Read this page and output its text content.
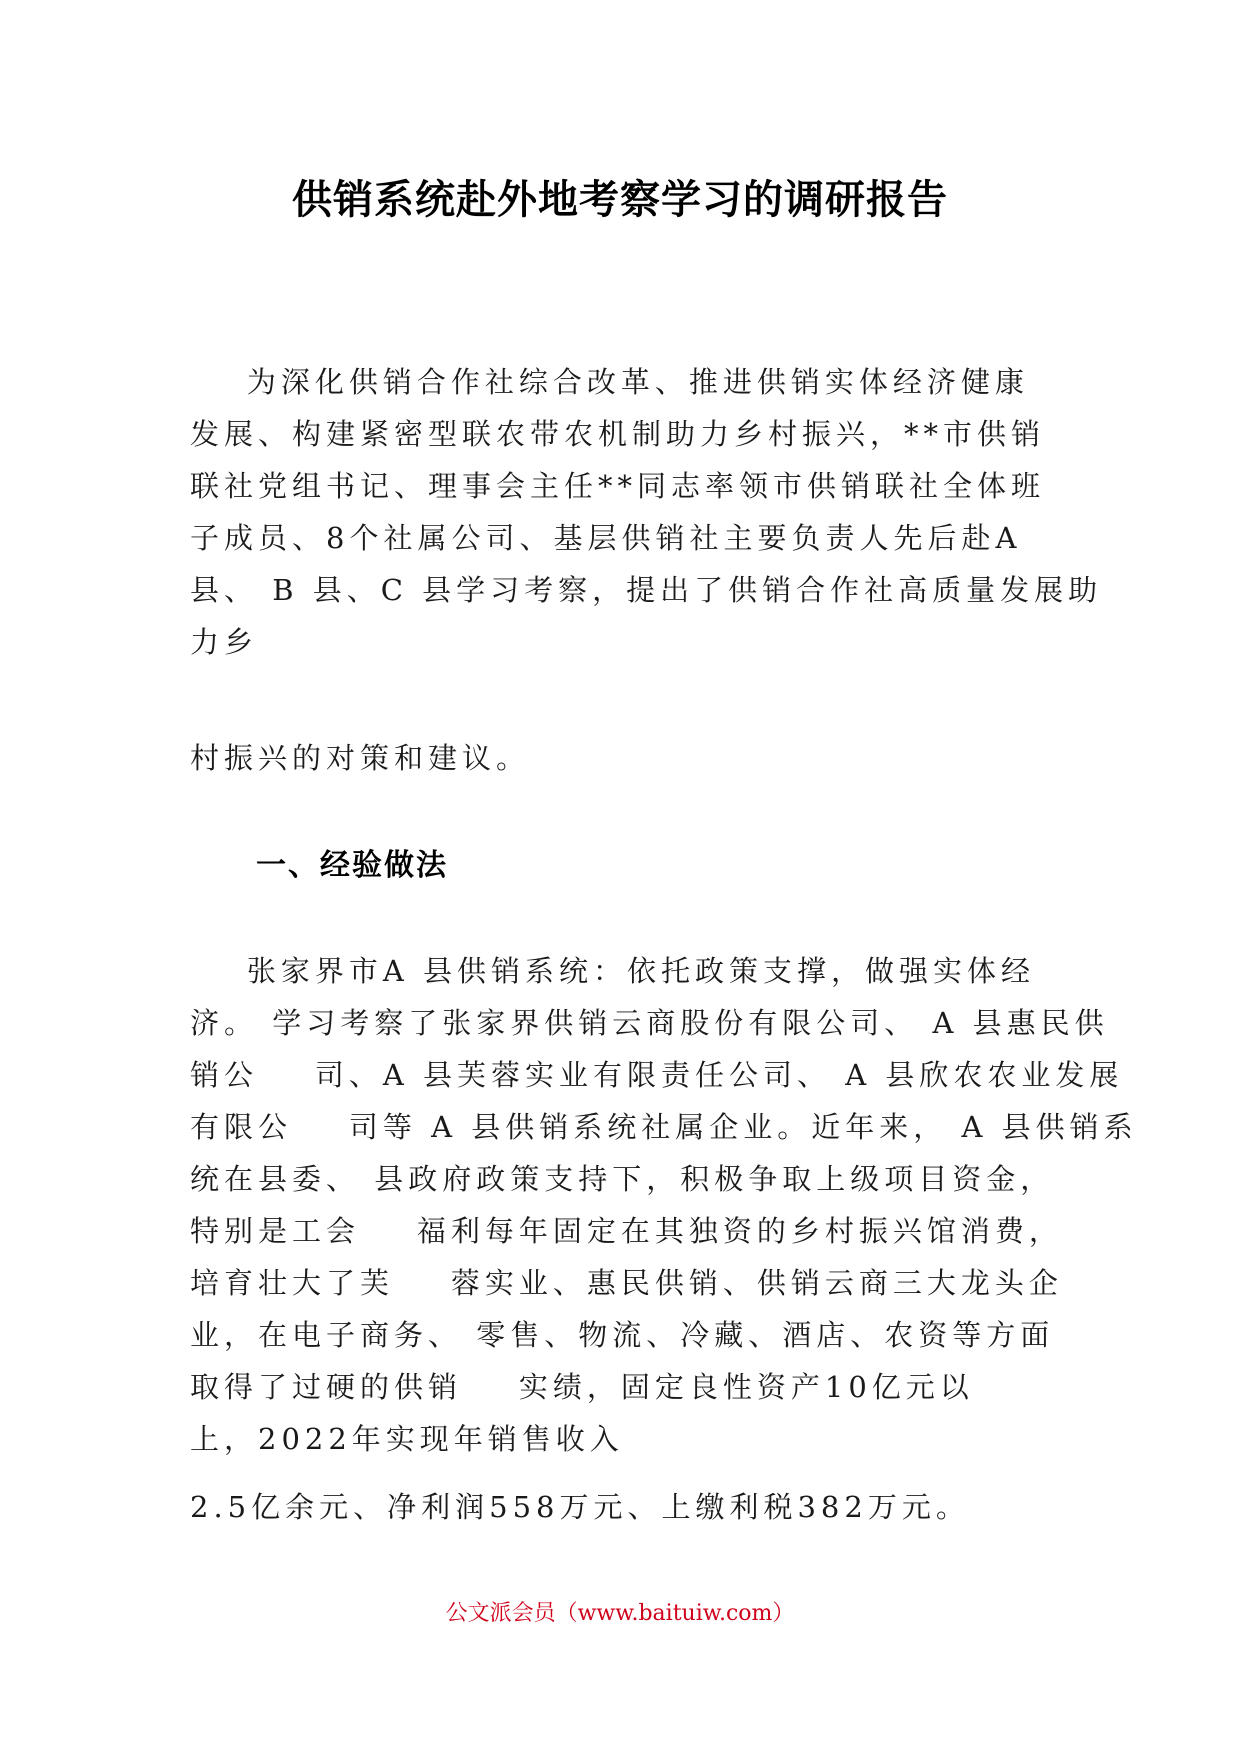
供销系统赴外地考察学习的调研报告
为深化供销合作社综合改革、推进供销实体经济健康
发展、构建紧密型联农带农机制助力乡村振兴，**市供销
联社党组书记、理事会主任**同志率领市供销联社全体班
子成员、8个社属公司、基层供销社主要负责人先后赴A
县、 B 县、C 县学习考察，提出了供销合作社高质量发展助
力乡
村振兴的对策和建议。
一、经验做法
张家界市A 县供销系统：依托政策支撑，做强实体经
济。 学习考察了张家界供销云商股份有限公司、 A 县惠民供
销公    司、A 县芙蓉实业有限责任公司、 A 县欣农农业发展
有限公    司等 A 县供销系统社属企业。近年来， A 县供销系
统在县委、 县政府政策支持下，积极争取上级项目资金，
特别是工会    福利每年固定在其独资的乡村振兴馆消费，
培育壮大了芙    蓉实业、惠民供销、供销云商三大龙头企
业，在电子商务、 零售、物流、冷藏、酒店、农资等方面
取得了过硬的供销    实绩，固定良性资产10亿元以
上，2022年实现年销售收入
2.5亿余元、净利润558万元、上缴利税382万元。
公文派会员（www.baituiw.com）
